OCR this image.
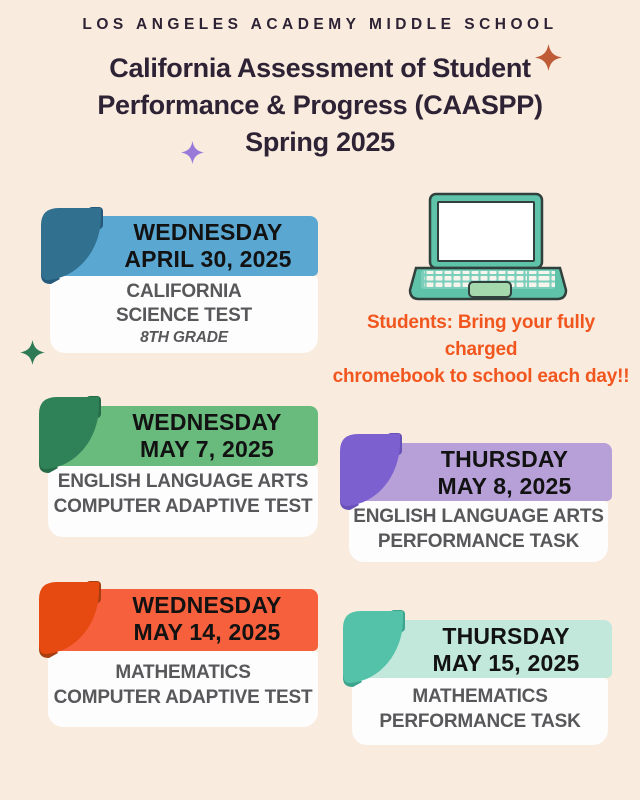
LOS ANGELES ACADEMY MIDDLE SCHOOL
California Assessment of Student
Performance & Progress (CAASPP)
Spring 2025
Students: Bring your fully charged
chromebook to school each day!!
WEDNESDAY
APRIL 30, 2025
CALIFORNIA
SCIENCE TEST
8TH GRADE
WEDNESDAY
MAY 7, 2025
ENGLISH LANGUAGE ARTS
COMPUTER ADAPTIVE TEST
THURSDAY
MAY 8, 2025
ENGLISH LANGUAGE ARTS
PERFORMANCE TASK
WEDNESDAY
MAY 14, 2025
MATHEMATICS
COMPUTER ADAPTIVE TEST
THURSDAY
MAY 15, 2025
MATHEMATICS
PERFORMANCE TASK
